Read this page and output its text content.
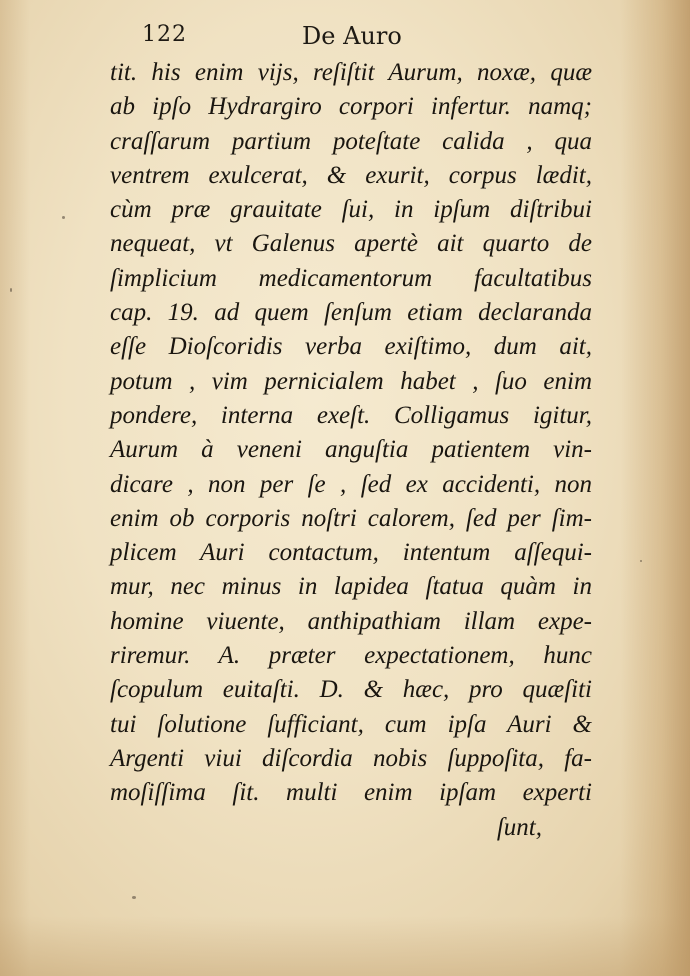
122	De Auro
tit. his enim vijs, reſiſtit Aurum, noxæ, quæ
ab ipſo Hydrargiro corpori infertur. namq;
craſſarum partium poteſtate calida , qua
ventrem exulcerat, & exurit, corpus lædit,
cùm præ grauitate ſui, in ipſum diſtribui
nequeat, vt Galenus apertè ait quarto de
ſimplicium medicamentorum facultatibus
cap. 19. ad quem ſenſum etiam declaranda
eſſe Dioſcoridis verba exiſtimo, dum ait,
potum , vim pernicialem habet , ſuo enim
pondere, interna exeſt. Colligamus igitur,
Aurum à veneni anguſtia patientem vin-
dicare , non per ſe , ſed ex accidenti, non
enim ob corporis noſtri calorem, ſed per ſim-
plicem Auri contactum, intentum aſſequi-
mur, nec minus in lapidea ſtatua quàm in
homine viuente, anthipathiam illam expe-
riremur. A. præter expectationem, hunc
ſcopulum euitaſti. D. & hæc, pro quæſiti
tui ſolutione ſufficiant, cum ipſa Auri &
Argenti viui diſcordia nobis ſuppoſita, fa-
moſiſſima ſit. multi enim ipſam experti
ſunt,
